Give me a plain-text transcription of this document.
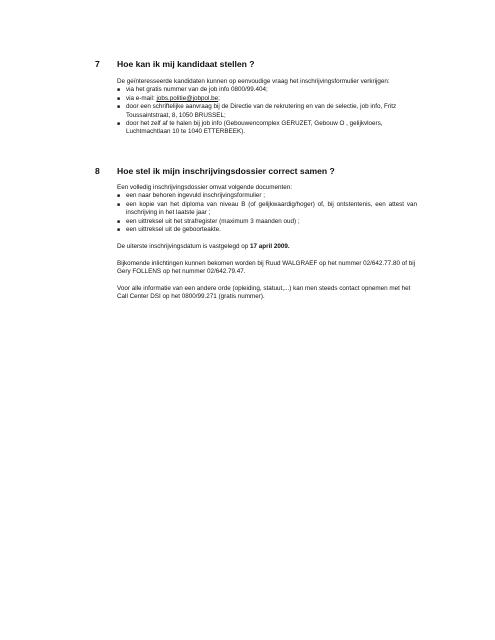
7 Hoe kan ik mij kandidaat stellen ?

De geïnteresseerde kandidaten kunnen op eenvoudige vraag het inschrijvingsformulier verkrijgen:

■ via het gratis nummer van de job info 0800/99.404;
■ via e-mail: jobs.politie@jobpol.be;
■ door een schriftelijke aanvraag bij de Directie van de rekrutering en van de selectie, job info, Fritz Toussaintstraat, 8, 1050 BRUSSEL;
■ door het zelf af te halen bij job info (Gebouwencomplex GERUZET, Gebouw O , gelijkvloers, Luchtmachtlaan 10 te 1040 ETTERBEEK).
8 Hoe stel ik mijn inschrijvingsdossier correct samen ?

Een volledig inschrijvingsdossier omvat volgende documenten:

■ een naar behoren ingevuld inschrijvingsformulier ;
■ een kopie van het diploma van niveau B (of gelijkwaardig/hoger) of, bij ontstentenis, een attest van inschrijving in het laatste jaar ;
■ een uittreksel uit het strafregister (maximum 3 maanden oud) ;
■ een uittreksel uit de geboorteakte.

De uiterste inschrijvingsdatum is vastgelegd op 17 april 2009.

Bijkomende inlichtingen kunnen bekomen worden bij Ruud WALGRAEF op het nummer 02/642.77.80 of bij Gery FOLLENS op het nummer 02/642.79.47.

Voor alle informatie van een andere orde (opleiding, statuut,...) kan men steeds contact opnemen met het Call Center DSI op het 0800/99.271 (gratis nummer).
